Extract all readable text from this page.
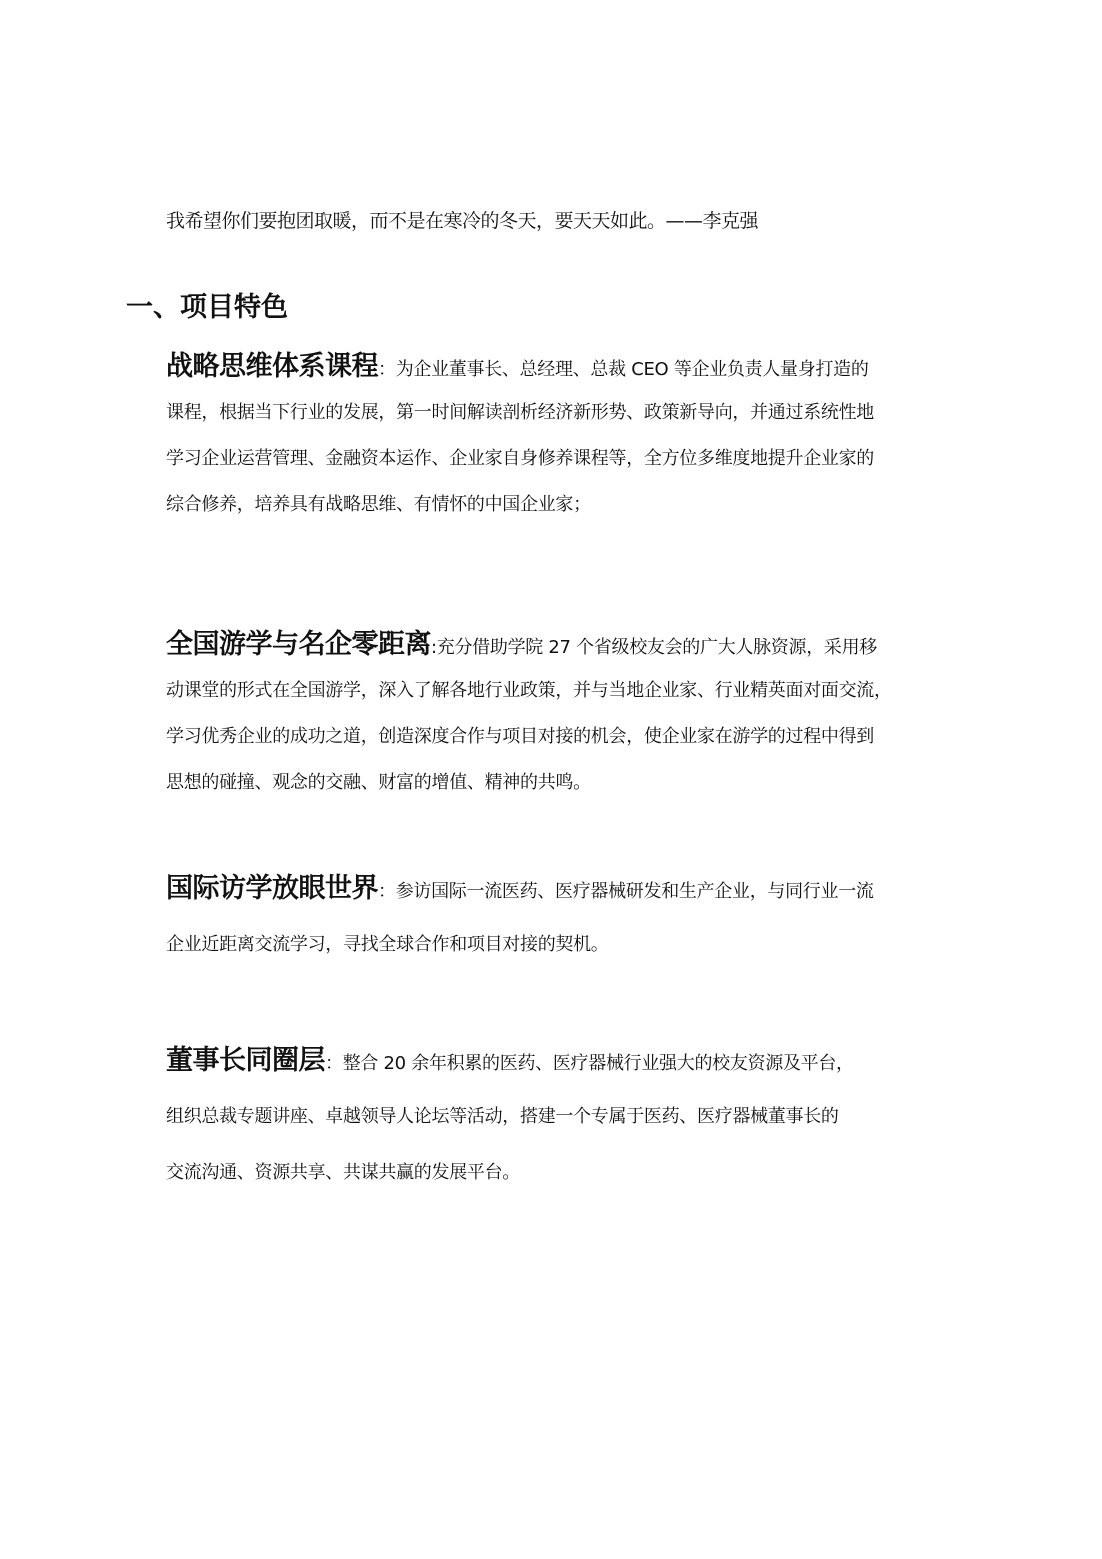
我希望你们要抱团取暖，而不是在寒冷的冬天，要天天如此。——李克强
一、项目特色
战略思维体系课程：为企业董事长、总经理、总裁 CEO 等企业负责人量身打造的
课程，根据当下行业的发展，第一时间解读剖析经济新形势、政策新导向，并通过系统性地
学习企业运营管理、金融资本运作、企业家自身修养课程等，全方位多维度地提升企业家的
综合修养，培养具有战略思维、有情怀的中国企业家；
全国游学与名企零距离:充分借助学院 27 个省级校友会的广大人脉资源，采用移
动课堂的形式在全国游学，深入了解各地行业政策，并与当地企业家、行业精英面对面交流，
学习优秀企业的成功之道，创造深度合作与项目对接的机会，使企业家在游学的过程中得到
思想的碰撞、观念的交融、财富的增值、精神的共鸣。
国际访学放眼世界：参访国际一流医药、医疗器械研发和生产企业，与同行业一流
企业近距离交流学习，寻找全球合作和项目对接的契机。
董事长同圈层：整合 20 余年积累的医药、医疗器械行业强大的校友资源及平台，
组织总裁专题讲座、卓越领导人论坛等活动，搭建一个专属于医药、医疗器械董事长的
交流沟通、资源共享、共谋共赢的发展平台。
